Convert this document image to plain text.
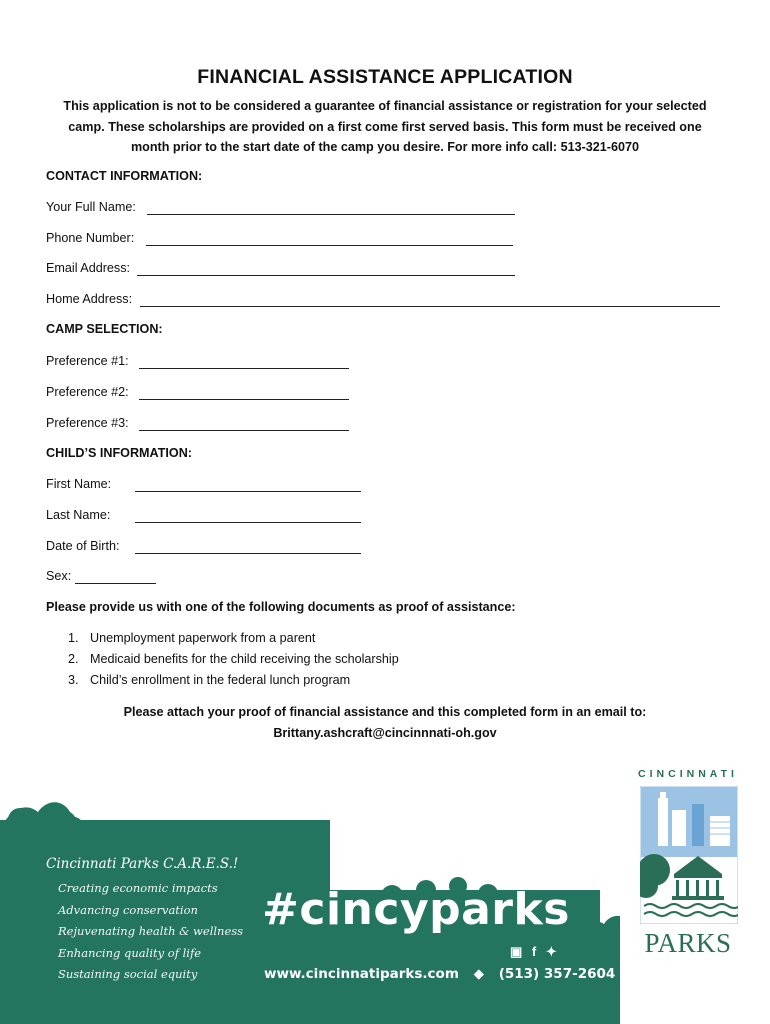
FINANCIAL ASSISTANCE APPLICATION
This application is not to be considered a guarantee of financial assistance or registration for your selected camp. These scholarships are provided on a first come first served basis. This form must be received one month prior to the start date of the camp you desire. For more info call: 513-321-6070
CONTACT INFORMATION:
Your Full Name:
Phone Number:
Email Address:
Home Address:
CAMP SELECTION:
Preference #1:
Preference #2:
Preference #3:
CHILD’S INFORMATION:
First Name:
Last Name:
Date of Birth:
Sex:
Please provide us with one of the following documents as proof of assistance:
1. Unemployment paperwork from a parent
2. Medicaid benefits for the child receiving the scholarship
3. Child’s enrollment in the federal lunch program
Please attach your proof of financial assistance and this completed form in an email to:
Brittany.ashcraft@cincinnnati-oh.gov
Cincinnati Parks C.A.R.E.S.!
Creating economic impacts
Advancing conservation
Rejuvenating health & wellness
Enhancing quality of life
Sustaining social equity
#cincyparks
▣ f ✦
www.cincinnatiparks.com ◆ (513) 357-2604
CINCINNATI
PARKS
